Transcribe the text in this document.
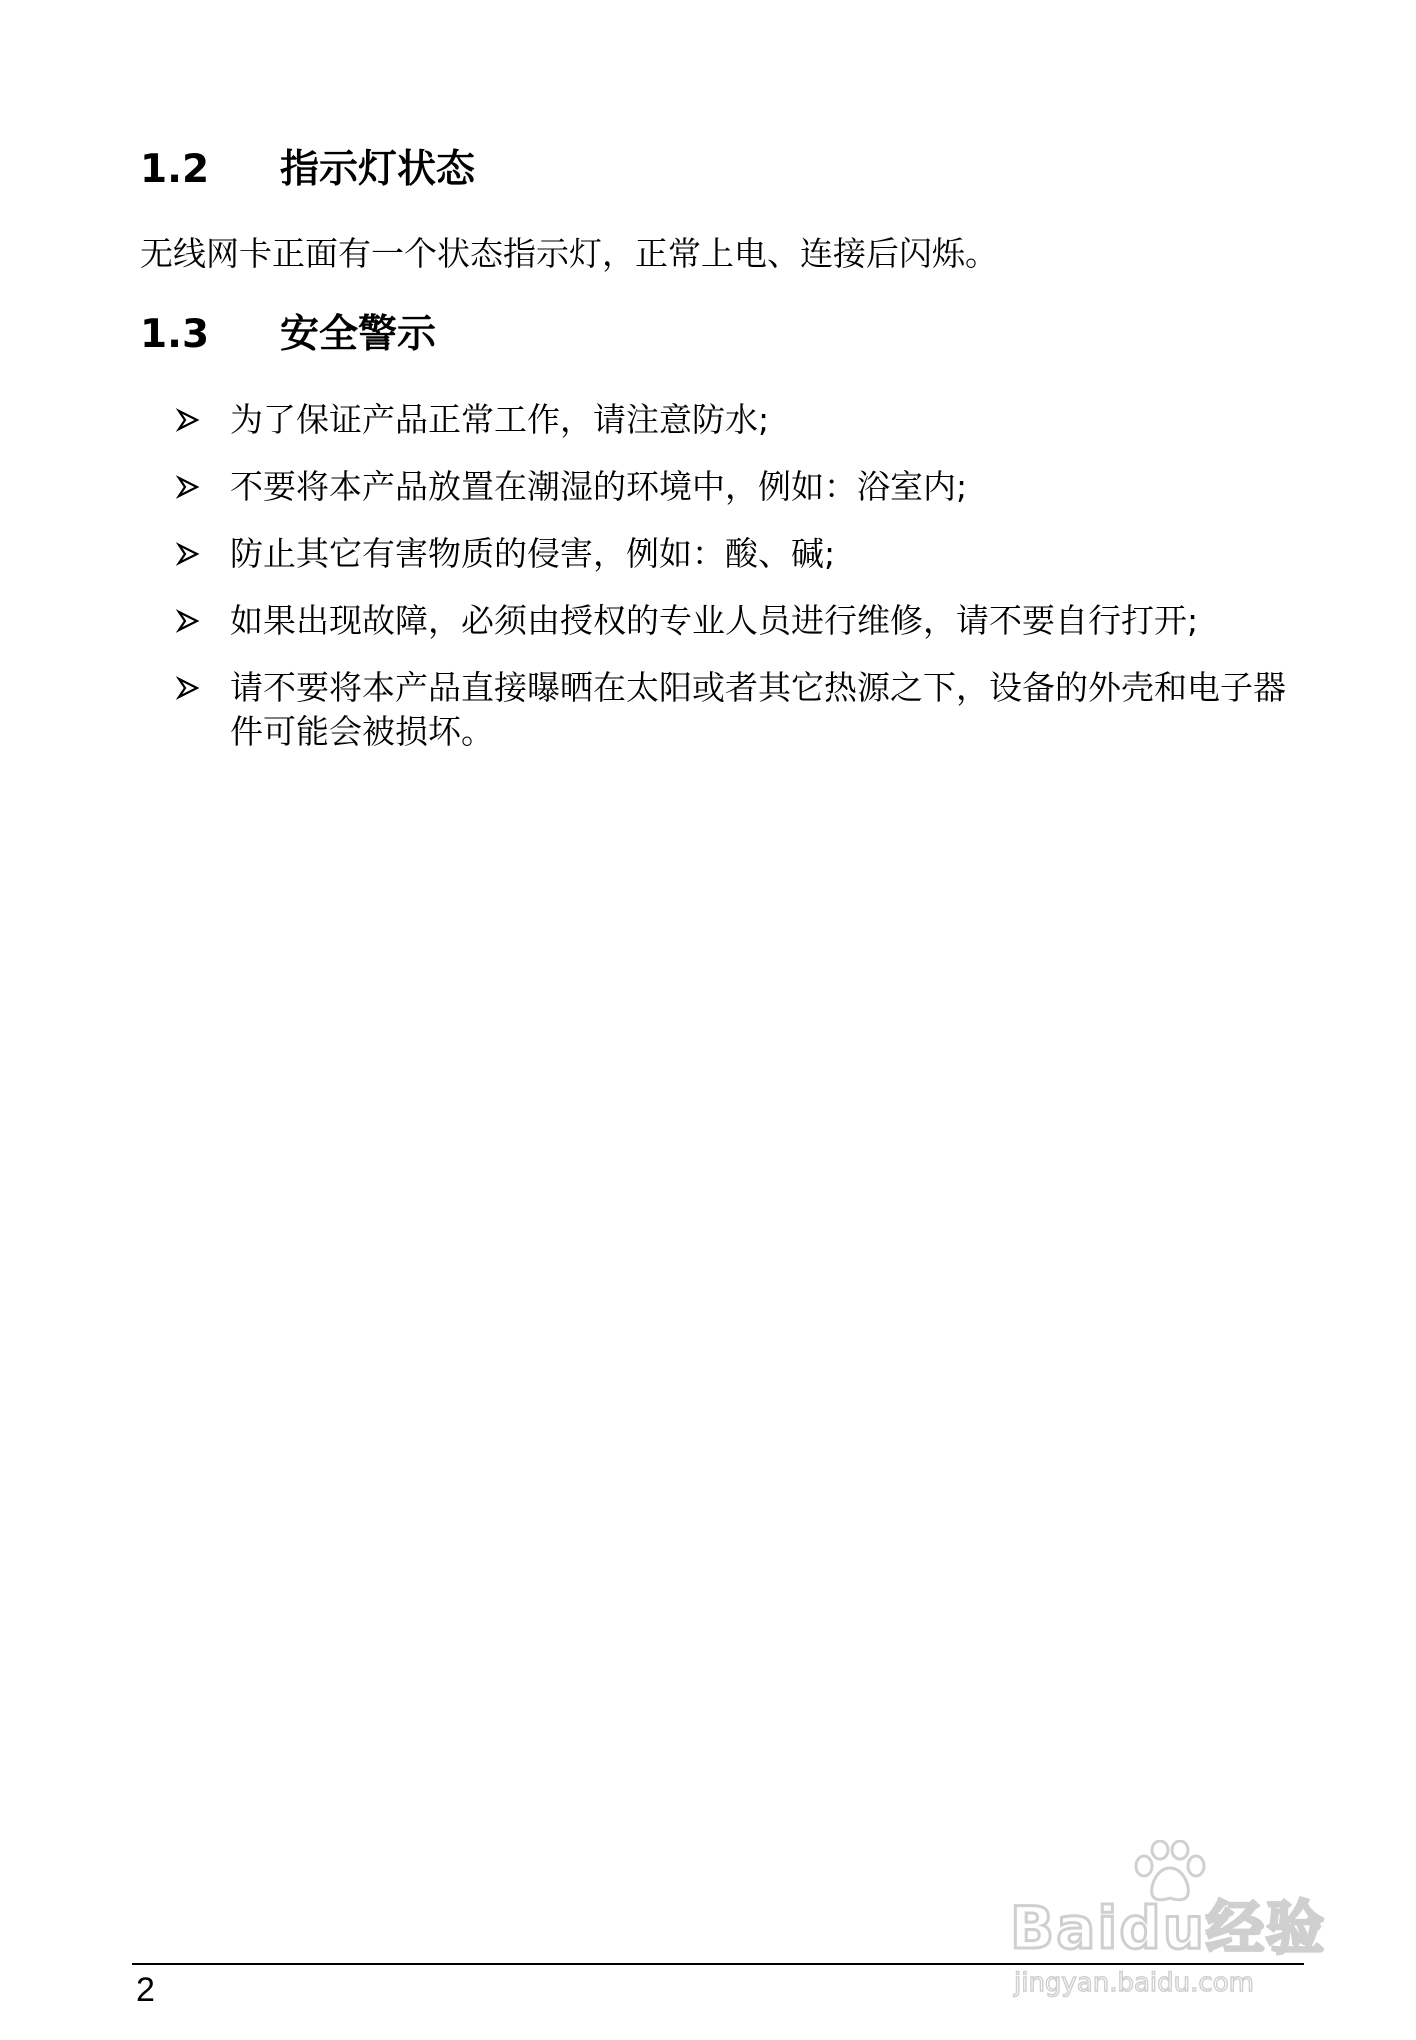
1.2 指示灯状态
无线网卡正面有一个状态指示灯，正常上电、连接后闪烁。
1.3 安全警示
为了保证产品正常工作，请注意防水;
不要将本产品放置在潮湿的环境中，例如：浴室内;
防止其它有害物质的侵害，例如：酸、碱;
如果出现故障，必须由授权的专业人员进行维修，请不要自行打开;
请不要将本产品直接曝晒在太阳或者其它热源之下，设备的外壳和电子器件可能会被损坏。
2
Baidu经验
jingyan.baidu.com
